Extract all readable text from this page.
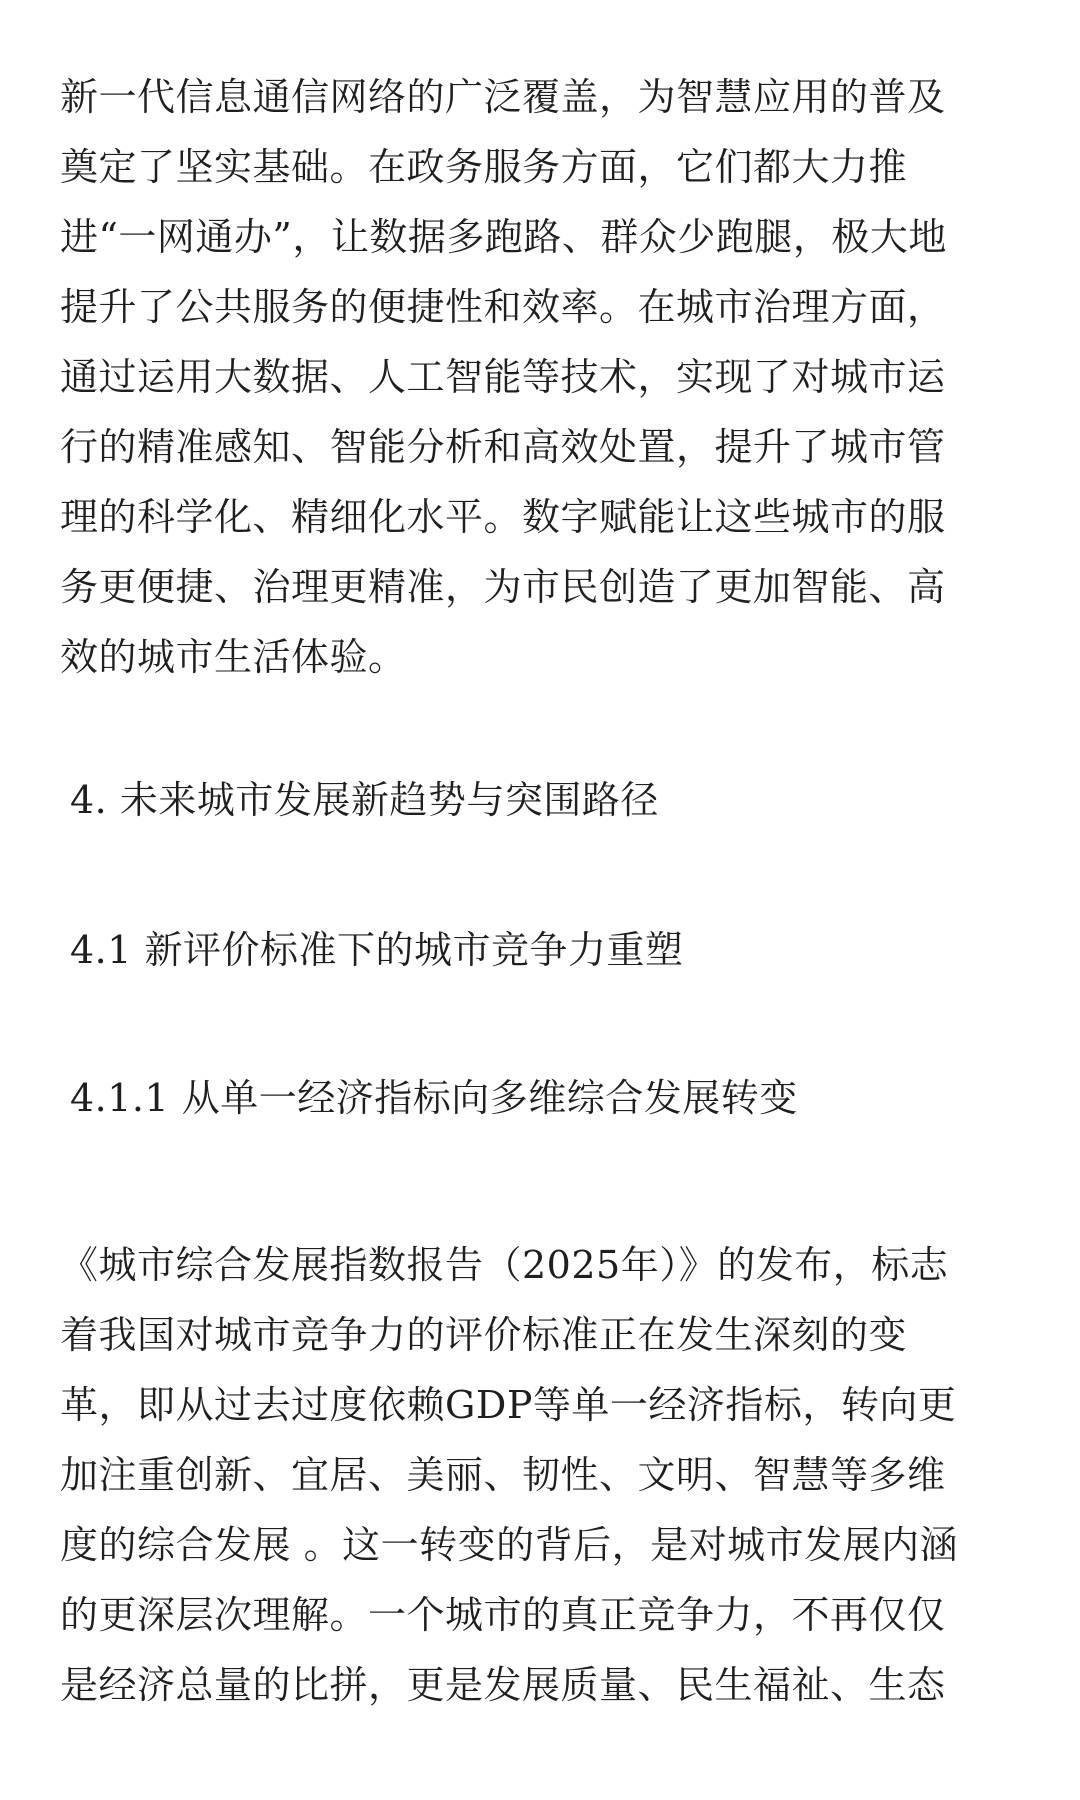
新一代信息通信网络的广泛覆盖，为智慧应用的普及
奠定了坚实基础。在政务服务方面，它们都大力推
进“一网通办”，让数据多跑路、群众少跑腿，极大地
提升了公共服务的便捷性和效率。在城市治理方面，
通过运用大数据、人工智能等技术，实现了对城市运
行的精准感知、智能分析和高效处置，提升了城市管
理的科学化、精细化水平。数字赋能让这些城市的服
务更便捷、治理更精准，为市民创造了更加智能、高
效的城市生活体验。
4. 未来城市发展新趋势与突围路径
4.1 新评价标准下的城市竞争力重塑
4.1.1 从单一经济指标向多维综合发展转变
《城市综合发展指数报告（2025年）》的发布，标志
着我国对城市竞争力的评价标准正在发生深刻的变
革，即从过去过度依赖GDP等单一经济指标，转向更
加注重创新、宜居、美丽、韧性、文明、智慧等多维
度的综合发展 。这一转变的背后，是对城市发展内涵
的更深层次理解。一个城市的真正竞争力，不再仅仅
是经济总量的比拼，更是发展质量、民生福祉、生态
